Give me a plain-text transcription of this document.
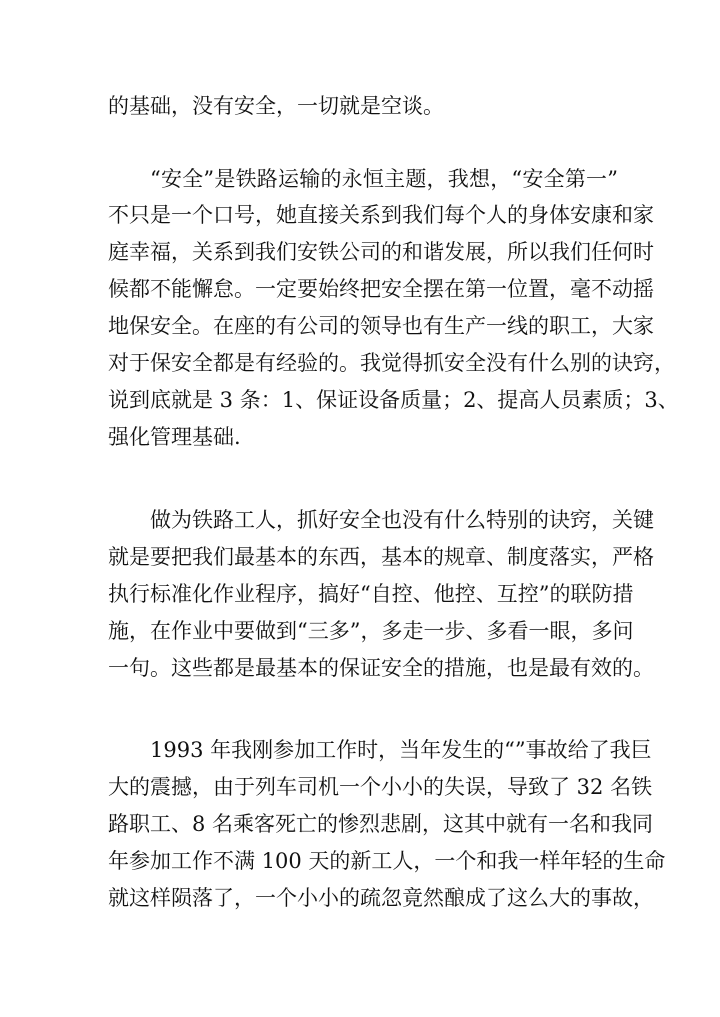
的基础，没有安全，一切就是空谈。
“安全”是铁路运输的永恒主题，我想，“安全第一”
不只是一个口号，她直接关系到我们每个人的身体安康和家
庭幸福，关系到我们安铁公司的和谐发展，所以我们任何时
候都不能懈怠。一定要始终把安全摆在第一位置，毫不动摇
地保安全。在座的有公司的领导也有生产一线的职工，大家
对于保安全都是有经验的。我觉得抓安全没有什么别的诀窍，
说到底就是 3 条：1、保证设备质量；2、提高人员素质；3、
强化管理基础.
做为铁路工人，抓好安全也没有什么特别的诀窍，关键
就是要把我们最基本的东西，基本的规章、制度落实，严格
执行标准化作业程序，搞好“自控、他控、互控”的联防措
施，在作业中要做到“三多”，多走一步、多看一眼，多问
一句。这些都是最基本的保证安全的措施，也是最有效的。
1993 年我刚参加工作时，当年发生的“”事故给了我巨
大的震撼，由于列车司机一个小小的失误，导致了 32 名铁
路职工、8 名乘客死亡的惨烈悲剧，这其中就有一名和我同
年参加工作不满 100 天的新工人，一个和我一样年轻的生命
就这样陨落了，一个小小的疏忽竟然酿成了这么大的事故，
